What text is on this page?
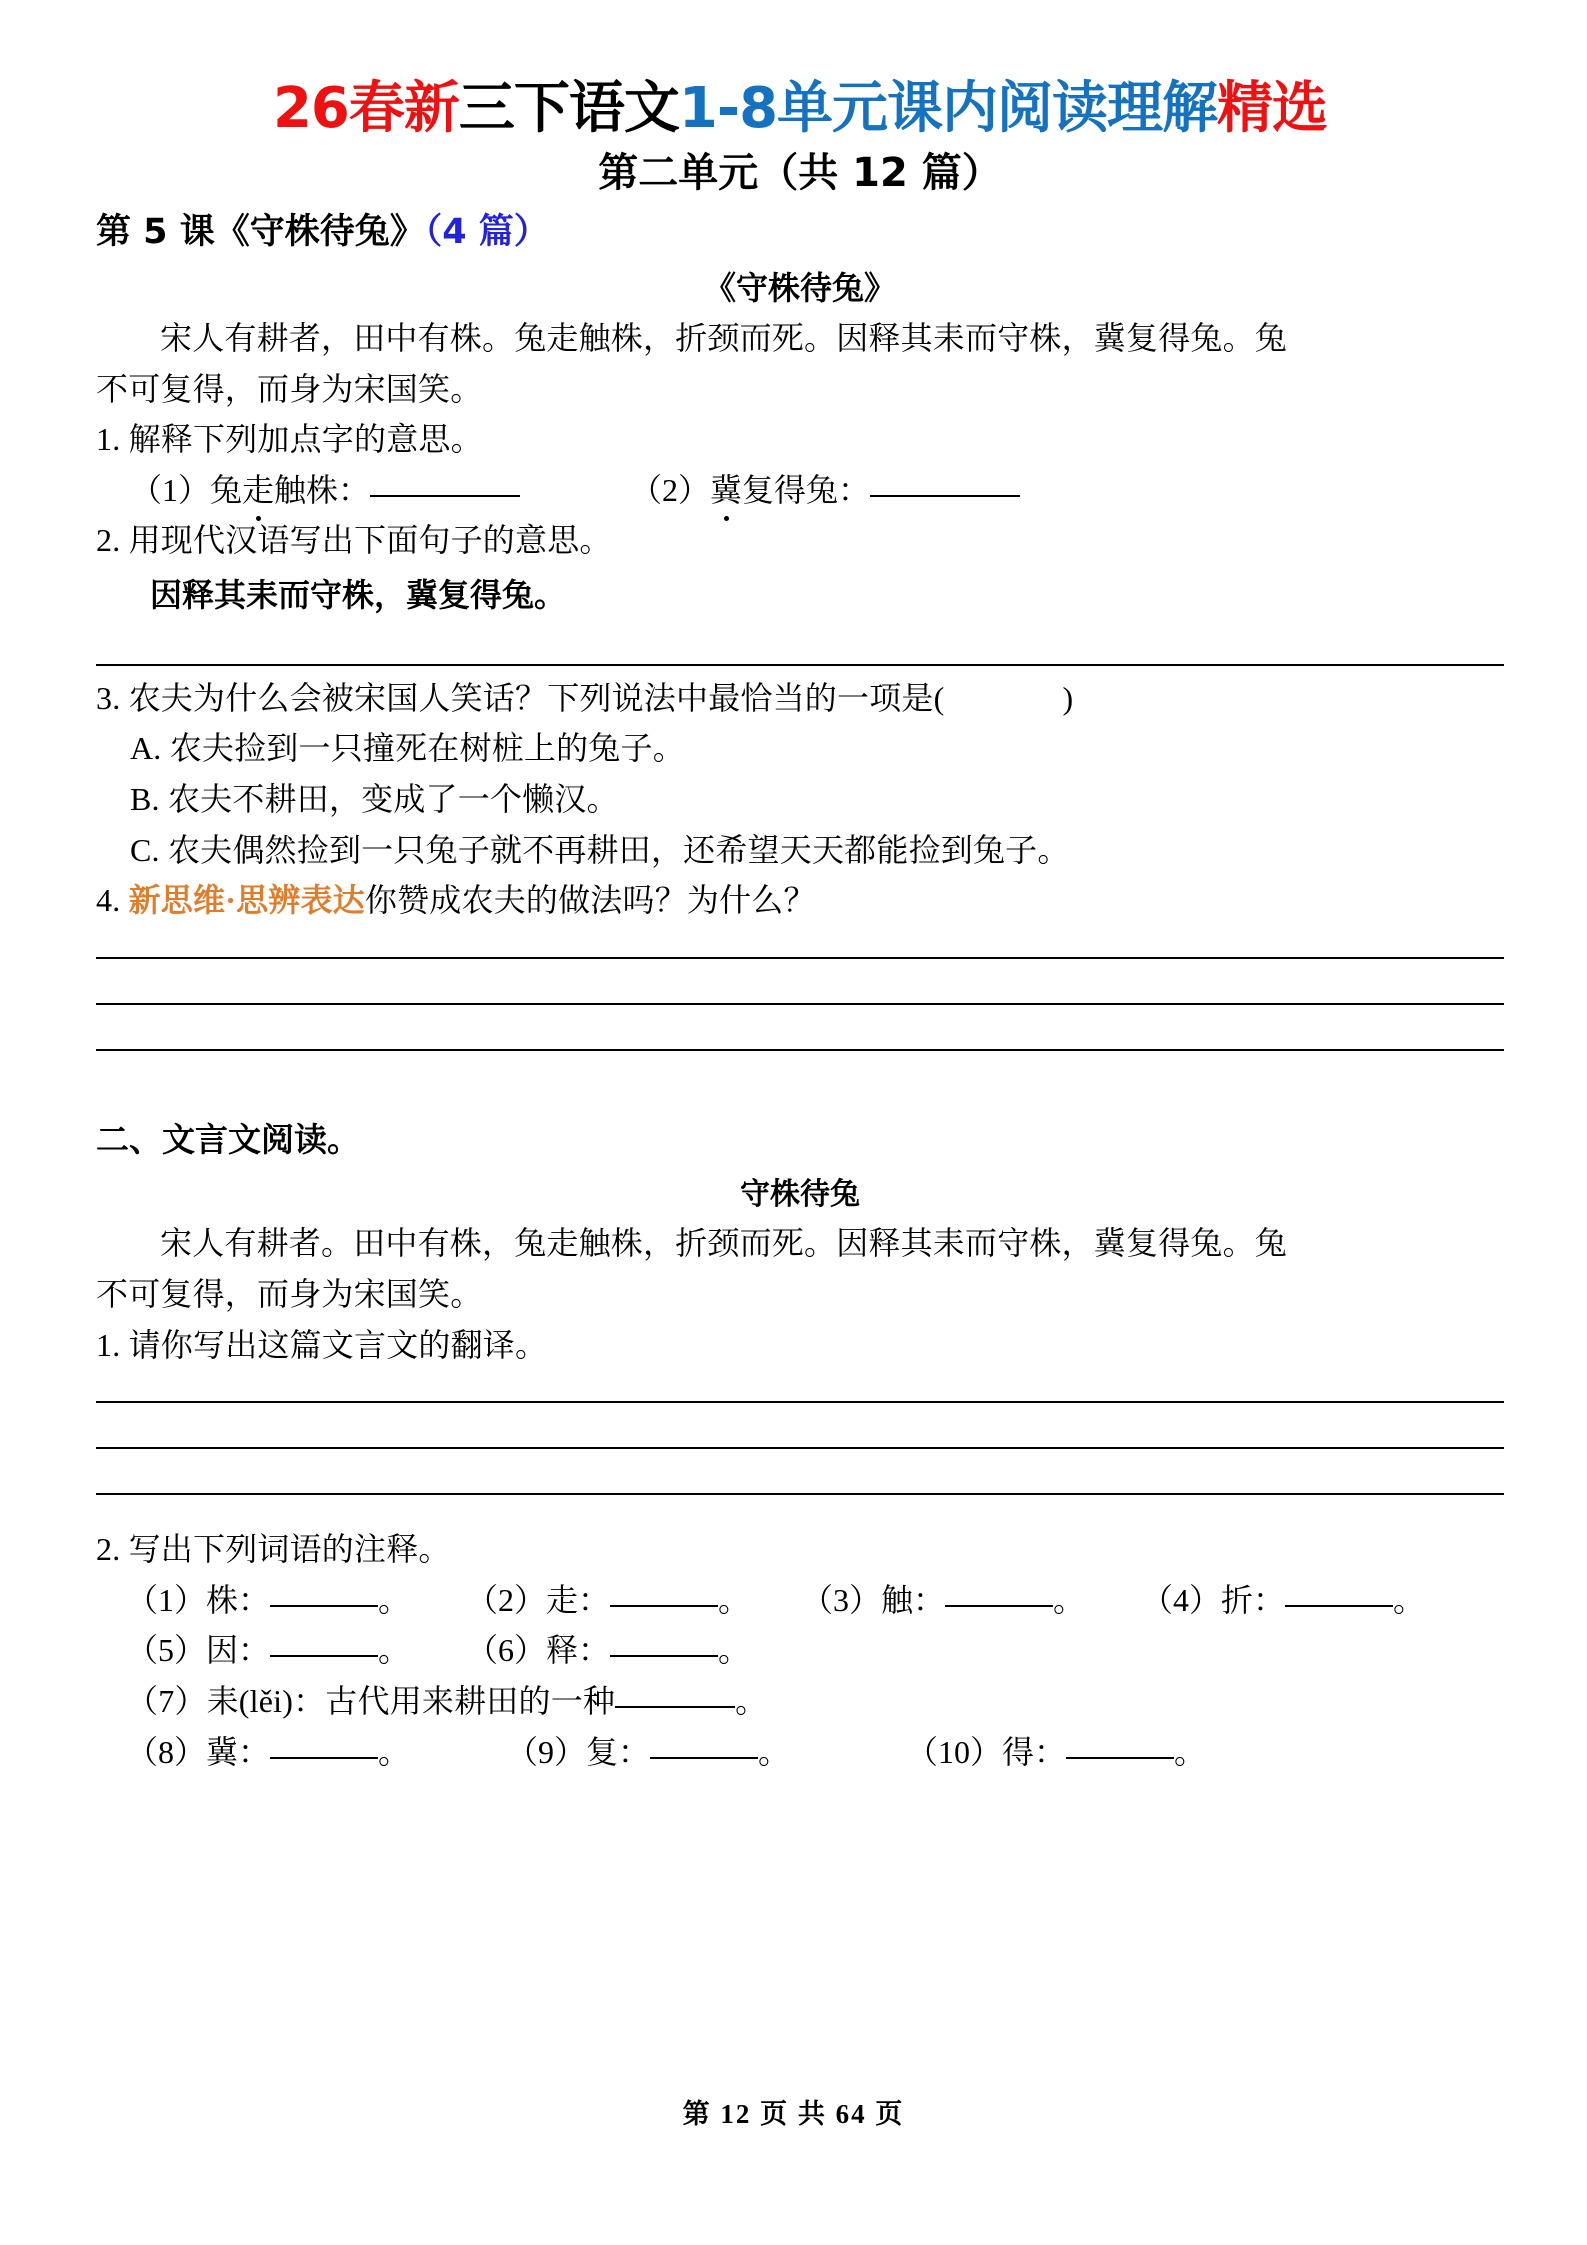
26春新三下语文1-8单元课内阅读理解精选
第二单元（共 12 篇）
第 5 课《守株待兔》（4 篇）
《守株待兔》

宋人有耕者，田中有株。兔走触株，折颈而死。因释其耒而守株，冀复得兔。兔

不可复得，而身为宋国笑。

1. 解释下列加点字的意思。

（1）兔走触株：	（2）冀复得兔：

2. 用现代汉语写出下面句子的意思。

因释其耒而守株，冀复得兔。

3. 农夫为什么会被宋国人笑话？下列说法中最恰当的一项是(	)

A. 农夫捡到一只撞死在树桩上的兔子。

B. 农夫不耕田，变成了一个懒汉。

C. 农夫偶然捡到一只兔子就不再耕田，还希望天天都能捡到兔子。

4. 新思维·思辨表达你赞成农夫的做法吗？为什么？

二、文言文阅读。
守株待兔

宋人有耕者。田中有株，兔走触株，折颈而死。因释其耒而守株，冀复得兔。兔

不可复得，而身为宋国笑。

1. 请你写出这篇文言文的翻译。

2. 写出下列词语的注释。

（1）株：	。	（2）走：	。	（3）触：	。	（4）折：	。
（5）因：	。	（6）释：	。

（7）耒(lěi)：古代用来耕田的一种	。

（8）冀：	。	（9）复：	。	（10）得：	。
第 12 页 共 64 页
